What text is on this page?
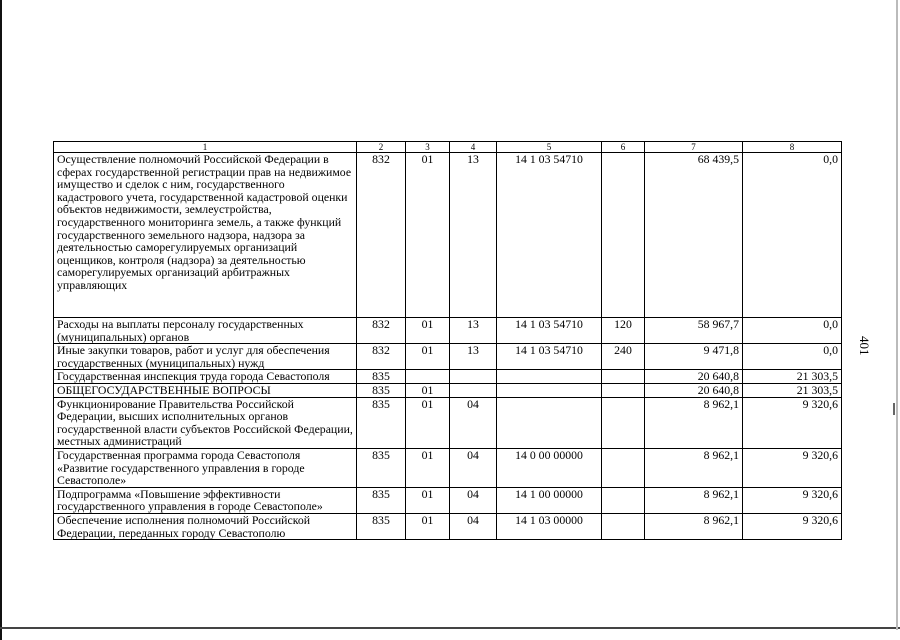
401
1	2	3	4	5	6	7	8
Осуществление полномочий Российской Федерации в сферах государственной регистрации прав на недвижимое имущество и сделок с ним, государственного кадастрового учета, государственной кадастровой оценки объектов недвижимости, землеустройства, государственного мониторинга земель, а также функций государственного земельного надзора, надзора за деятельностью саморегулируемых организаций оценщиков, контроля (надзора) за деятельностью саморегулируемых организаций арбитражных управляющих	832	01	13	14 1 03 54710		68 439,5	0,0
Расходы на выплаты персоналу государственных (муниципальных) органов	832	01	13	14 1 03 54710	120	58 967,7	0,0
Иные закупки товаров, работ и услуг для обеспечения государственных (муниципальных) нужд	832	01	13	14 1 03 54710	240	9 471,8	0,0
Государственная инспекция труда города Севастополя	835					20 640,8	21 303,5
ОБЩЕГОСУДАРСТВЕННЫЕ ВОПРОСЫ	835	01				20 640,8	21 303,5
Функционирование Правительства Российской Федерации, высших исполнительных органов государственной власти субъектов Российской Федерации, местных администраций	835	01	04			8 962,1	9 320,6
Государственная программа города Севастополя «Развитие государственного управления в городе Севастополе»	835	01	04	14 0 00 00000		8 962,1	9 320,6
Подпрограмма «Повышение эффективности государственного управления в городе Севастополе»	835	01	04	14 1 00 00000		8 962,1	9 320,6
Обеспечение исполнения полномочий Российской Федерации, переданных городу Севастополю	835	01	04	14 1 03 00000		8 962,1	9 320,6
